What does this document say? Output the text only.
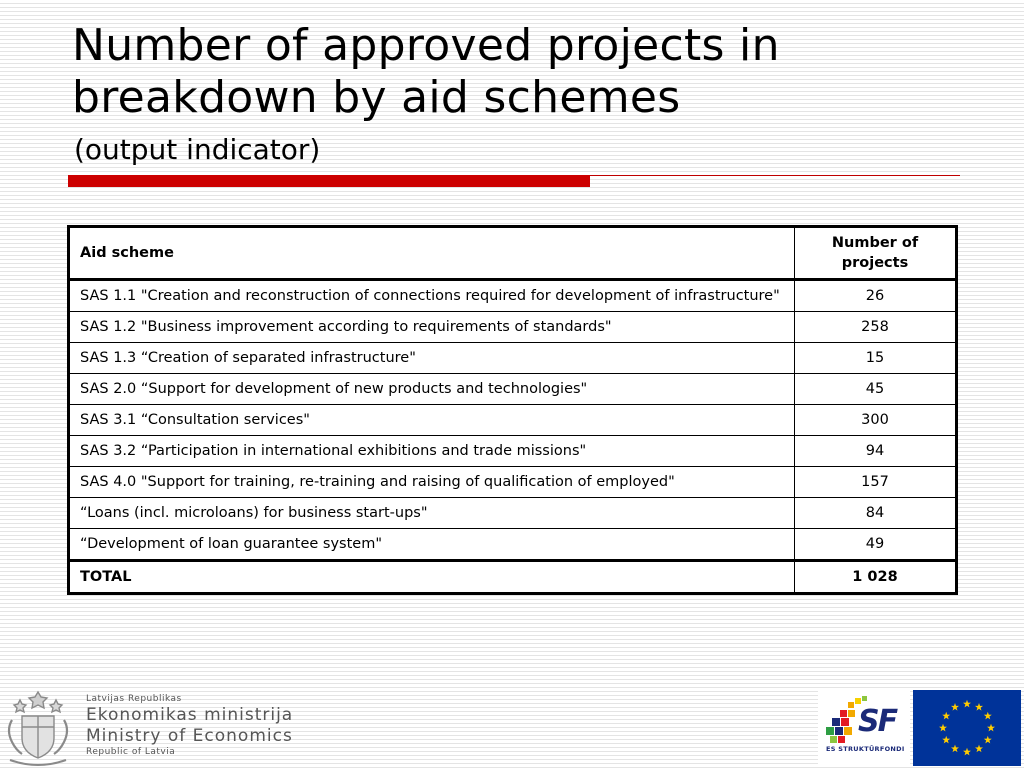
Number of approved projects in breakdown by aid schemes
(output indicator)
Aid scheme	Number of projects
SAS 1.1 "Creation and reconstruction of connections required for development of infrastructure"	26
SAS 1.2 "Business improvement according to requirements of standards"	258
SAS 1.3 “Creation of separated infrastructure"	15
SAS 2.0 “Support for development of new products and technologies"	45
SAS 3.1 “Consultation services"	300
SAS 3.2 “Participation in international exhibitions and trade missions"	94
SAS 4.0 "Support for training, re-training and raising of qualification of employed"	157
“Loans (incl. microloans) for business start-ups"	84
“Development of loan guarantee system"	49
TOTAL	1 028
Latvijas Republikas
Ekonomikas ministrija
Ministry of Economics
Republic of Latvia
SF
ES STRUKTŪRFONDI
